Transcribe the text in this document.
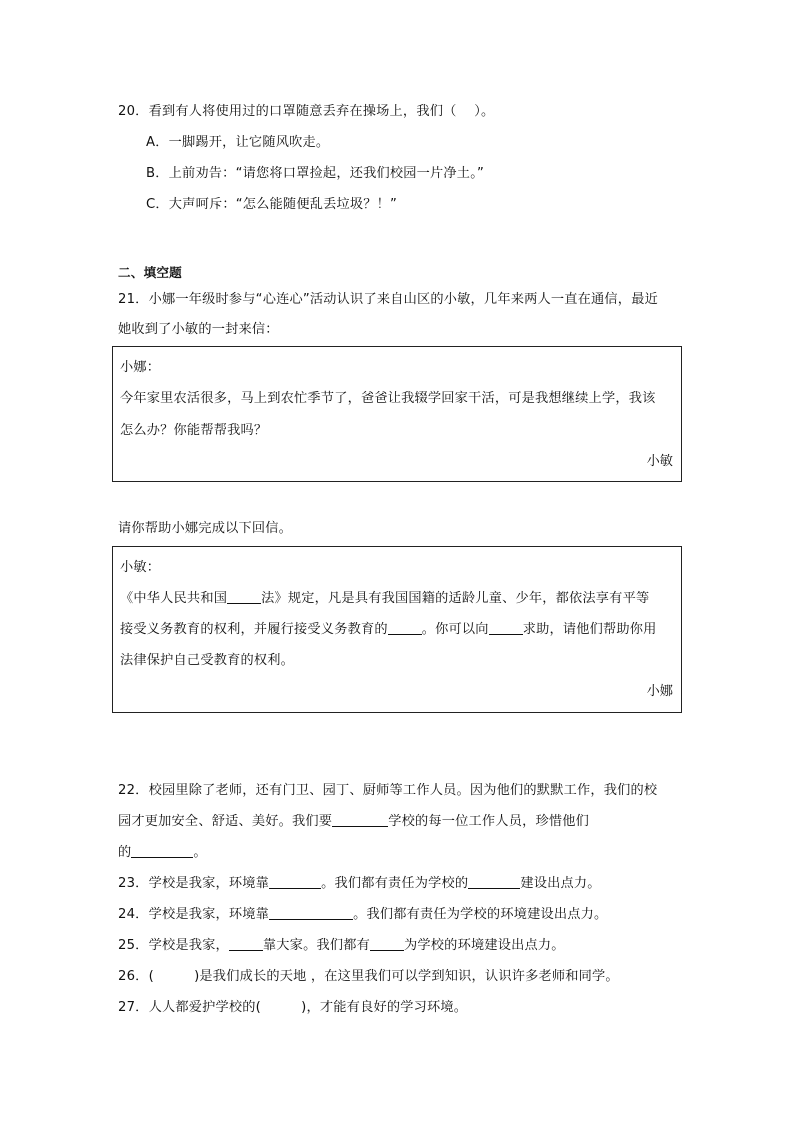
20．看到有人将使用过的口罩随意丢弃在操场上，我们（　 ）。
A．一脚踢开，让它随风吹走。
B．上前劝告：“请您将口罩捡起，还我们校园一片净土。”
C．大声呵斥：“怎么能随便乱丢垃圾？！”
二、填空题
21．小娜一年级时参与“心连心”活动认识了来自山区的小敏，几年来两人一直在通信，最近
她收到了小敏的一封来信：
小娜：
今年家里农活很多，马上到农忙季节了，爸爸让我辍学回家干活，可是我想继续上学，我该
怎么办？你能帮帮我吗？
小敏
请你帮助小娜完成以下回信。
小敏：
《中华人民共和国	法》规定，凡是具有我国国籍的适龄儿童、少年，都依法享有平等
接受义务教育的权利，并履行接受义务教育的	。你可以向	求助，请他们帮助你用
法律保护自己受教育的权利。
小娜
22．校园里除了老师，还有门卫、园丁、厨师等工作人员。因为他们的默默工作，我们的校
园才更加安全、舒适、美好。我们要	学校的每一位工作人员，珍惜他们
的	。
23．学校是我家，环境靠	。我们都有责任为学校的	建设出点力。
24．学校是我家，环境靠	。我们都有责任为学校的环境建设出点力。
25．学校是我家，	靠大家。我们都有	为学校的环境建设出点力。
26．(　　　)是我们成长的天地 ，在这里我们可以学到知识，认识许多老师和同学。
27．人人都爱护学校的(　　　)，才能有良好的学习环境。
